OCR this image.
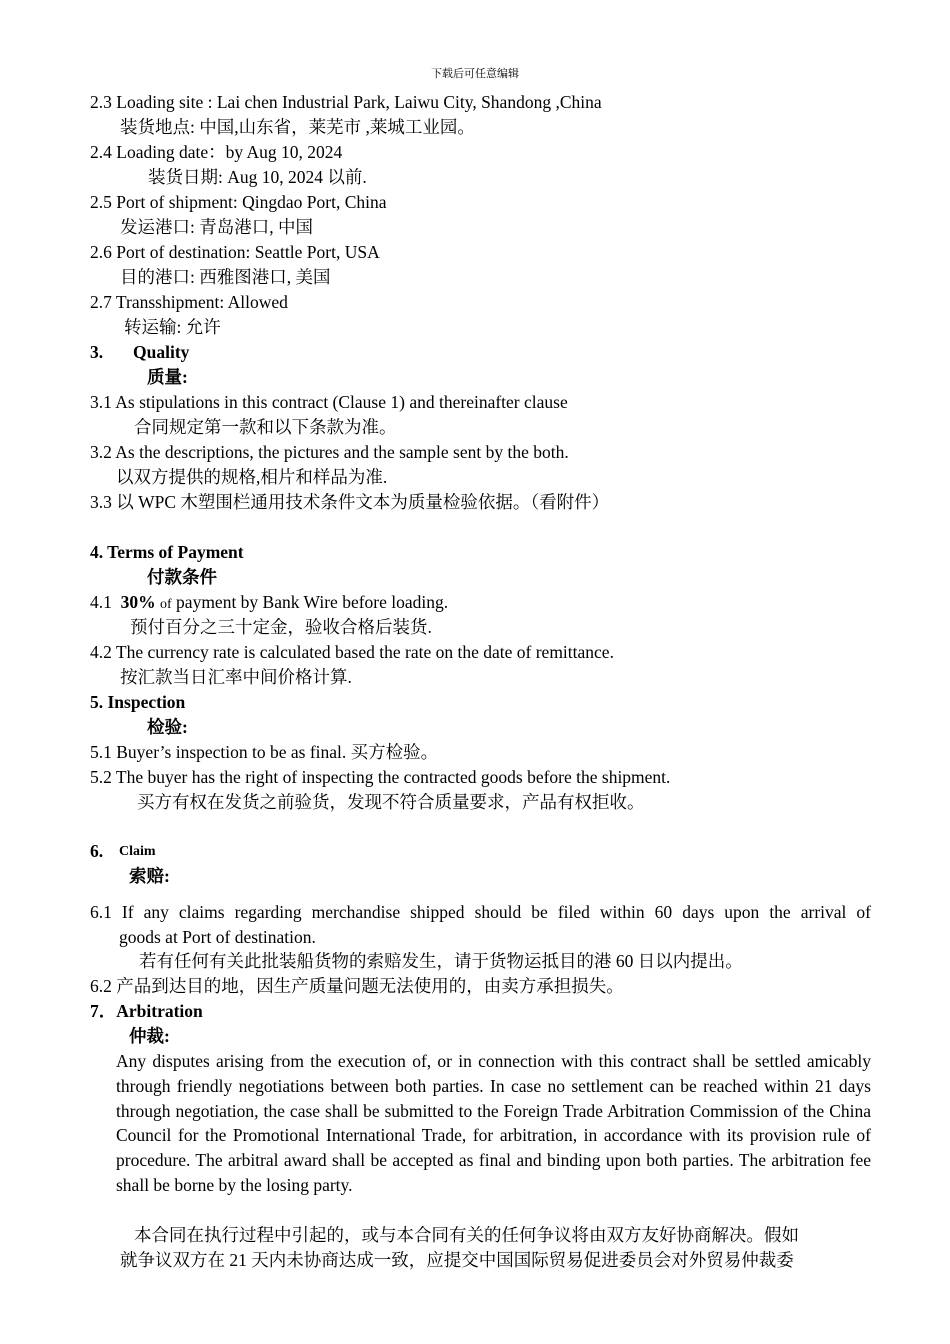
下载后可任意编辑
2.3 Loading site : Lai chen Industrial Park, Laiwu City, Shandong ,China
装货地点: 中国,山东省，莱芜市 ,莱城工业园。
2.4 Loading date：by Aug 10, 2024
装货日期: Aug 10, 2024 以前.
2.5 Port of shipment: Qingdao Port, China
发运港口: 青岛港口, 中国
2.6 Port of destination: Seattle Port, USA
目的港口: 西雅图港口, 美国
2.7 Transshipment: Allowed
转运输: 允许
3. Quality
质量:
3.1 As stipulations in this contract (Clause 1) and thereinafter clause
合同规定第一款和以下条款为准。
3.2 As the descriptions, the pictures and the sample sent by the both.
以双方提供的规格,相片和样品为准.
3.3 以 WPC 木塑围栏通用技术条件文本为质量检验依据。（看附件）
4. Terms of Payment
付款条件
4.1 30% of payment by Bank Wire before loading.
预付百分之三十定金，验收合格后装货.
4.2 The currency rate is calculated based the rate on the date of remittance.
按汇款当日汇率中间价格计算.
5. Inspection
检验:
5.1 Buyer’s inspection to be as final. 买方检验。
5.2 The buyer has the right of inspecting the contracted goods before the shipment.
买方有权在发货之前验货，发现不符合质量要求，产品有权拒收。
6. Claim
索赔:
6.1 If any claims regarding merchandise shipped should be filed within 60 days upon the arrival of
goods at Port of destination.
若有任何有关此批装船货物的索赔发生，请于货物运抵目的港 60 日以内提出。
6.2 产品到达目的地，因生产质量问题无法使用的，由卖方承担损失。
7．Arbitration
仲裁:
Any disputes arising from the execution of, or in connection with this contract shall be settled amicably through friendly negotiations between both parties. In case no settlement can be reached within 21 days through negotiation, the case shall be submitted to the Foreign Trade Arbitration Commission of the China Council for the Promotional International Trade, for arbitration, in accordance with its provision rule of procedure. The arbitral award shall be accepted as final and binding upon both parties. The arbitration fee shall be borne by the losing party.
本合同在执行过程中引起的，或与本合同有关的任何争议将由双方友好协商解决。假如
就争议双方在 21 天内未协商达成一致，应提交中国国际贸易促进委员会对外贸易仲裁委
